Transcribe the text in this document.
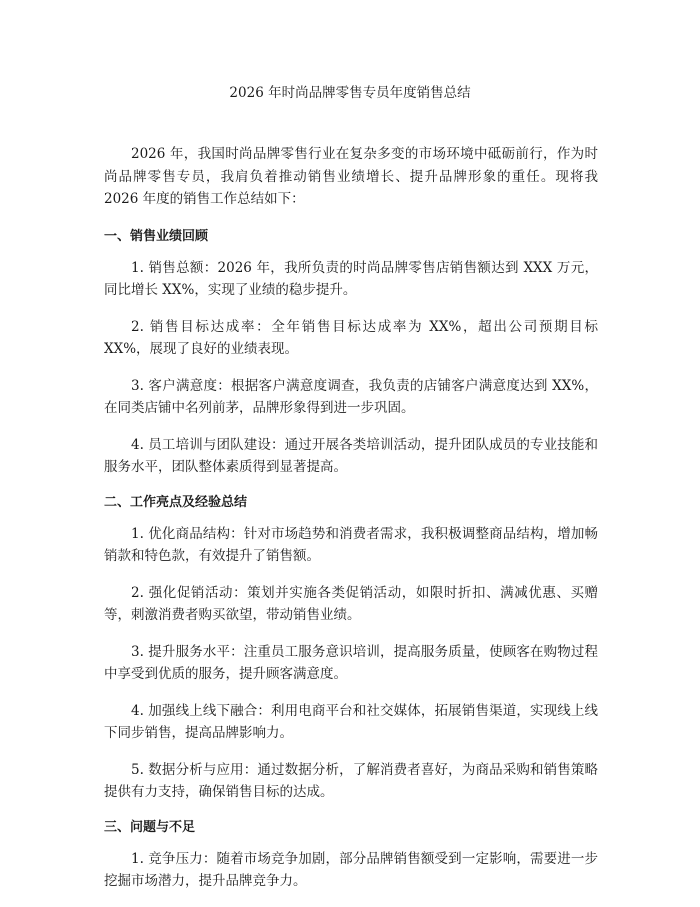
2026 年时尚品牌零售专员年度销售总结

2026 年，我国时尚品牌零售行业在复杂多变的市场环境中砥砺前行，作为时尚品牌零售专员，我肩负着推动销售业绩增长、提升品牌形象的重任。现将我 2026 年度的销售工作总结如下：

一、销售业绩回顾

1. 销售总额：2026 年，我所负责的时尚品牌零售店销售额达到 XXX 万元，同比增长 XX%，实现了业绩的稳步提升。

2. 销售目标达成率：全年销售目标达成率为 XX%，超出公司预期目标 XX%，展现了良好的业绩表现。

3. 客户满意度：根据客户满意度调查，我负责的店铺客户满意度达到 XX%，在同类店铺中名列前茅，品牌形象得到进一步巩固。

4. 员工培训与团队建设：通过开展各类培训活动，提升团队成员的专业技能和服务水平，团队整体素质得到显著提高。

二、工作亮点及经验总结

1. 优化商品结构：针对市场趋势和消费者需求，我积极调整商品结构，增加畅销款和特色款，有效提升了销售额。

2. 强化促销活动：策划并实施各类促销活动，如限时折扣、满减优惠、买赠等，刺激消费者购买欲望，带动销售业绩。

3. 提升服务水平：注重员工服务意识培训，提高服务质量，使顾客在购物过程中享受到优质的服务，提升顾客满意度。

4. 加强线上线下融合：利用电商平台和社交媒体，拓展销售渠道，实现线上线下同步销售，提高品牌影响力。

5. 数据分析与应用：通过数据分析，了解消费者喜好，为商品采购和销售策略提供有力支持，确保销售目标的达成。

三、问题与不足

1. 竞争压力：随着市场竞争加剧，部分品牌销售额受到一定影响，需要进一步挖掘市场潜力，提升品牌竞争力。
